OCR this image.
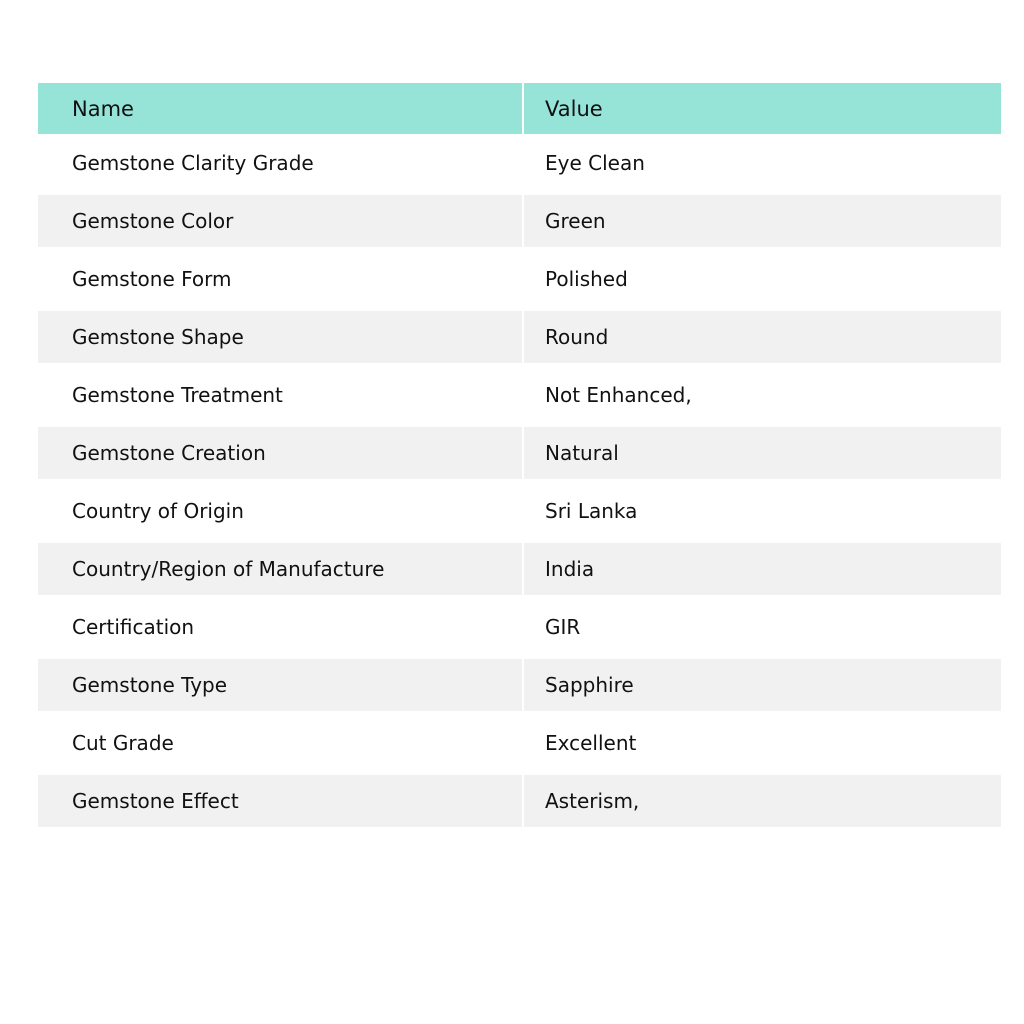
Name	Value
Gemstone Clarity Grade	Eye Clean
Gemstone Color	Green
Gemstone Form	Polished
Gemstone Shape	Round
Gemstone Treatment	Not Enhanced,
Gemstone Creation	Natural
Country of Origin	Sri Lanka
Country/Region of Manufacture	India
Certification	GIR
Gemstone Type	Sapphire
Cut Grade	Excellent
Gemstone Effect	Asterism,
